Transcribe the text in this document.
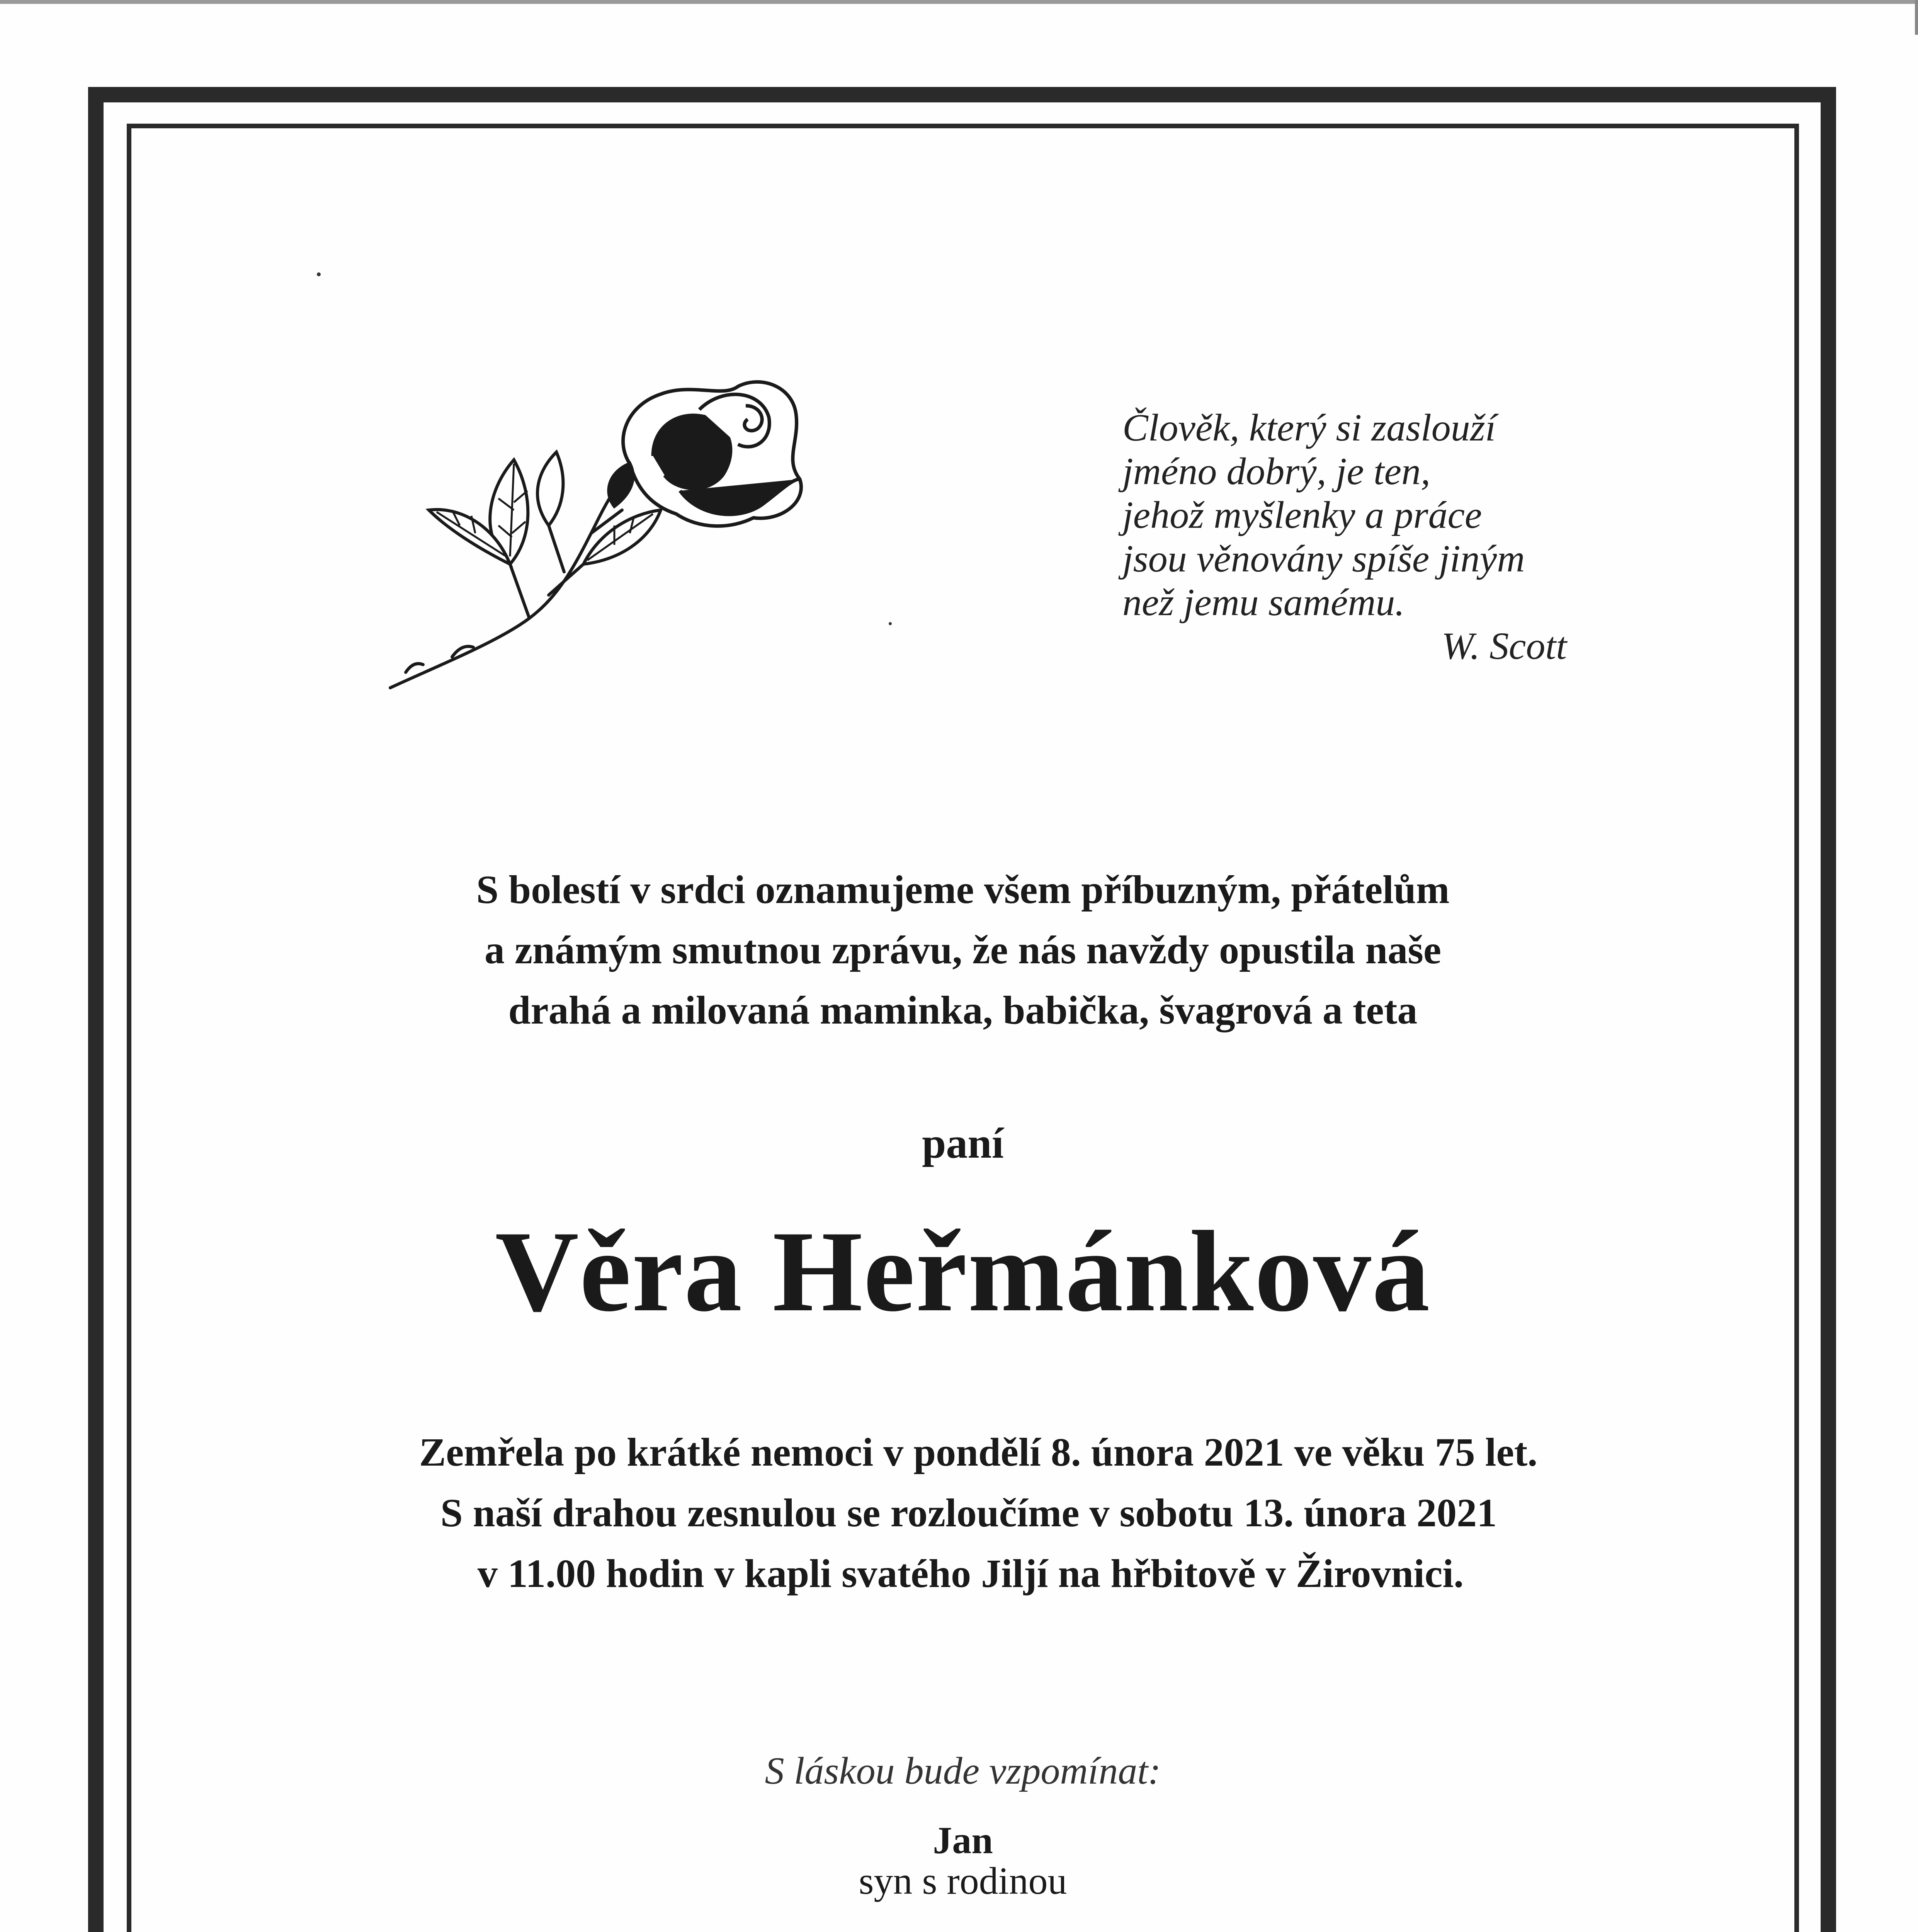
Člověk, který si zaslouží
jméno dobrý, je ten,
jehož myšlenky a práce
jsou věnovány spíše jiným
než jemu samému.
W. Scott
S bolestí v srdci oznamujeme všem příbuzným, přátelům
a známým smutnou zprávu, že nás navždy opustila naše
drahá a milovaná maminka, babička, švagrová a teta
paní
Věra Heřmánková
Zemřela po krátké nemoci v pondělí 8. února 2021 ve věku 75 let.
S naší drahou zesnulou se rozloučíme v sobotu 13. února 2021
v 11.00 hodin v kapli svatého Jiljí na hřbitově v Žirovnici.
S láskou bude vzpomínat:
Jan
syn s rodinou
